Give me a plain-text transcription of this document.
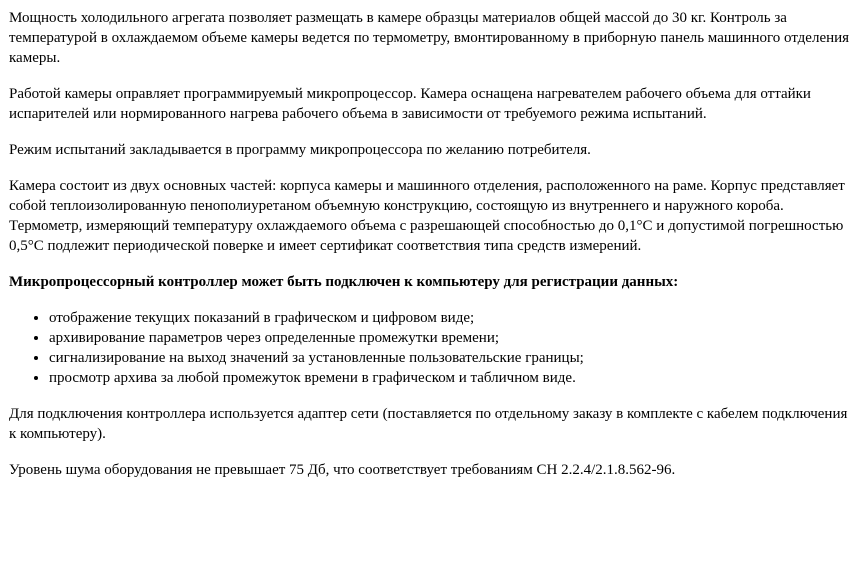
Мощность холодильного агрегата позволяет размещать в камере образцы материалов общей массой до 30 кг. Контроль за температурой в охлаждаемом объеме камеры ведется по термометру, вмонтированному в приборную панель машинного отделения камеры.

Работой камеры оправляет программируемый микропроцессор. Камера оснащена нагревателем рабочего объема для оттайки испарителей или нормированного нагрева рабочего объема в зависимости от требуемого режима испытаний.

Режим испытаний закладывается в программу микропроцессора по желанию потребителя.

Камера состоит из двух основных частей: корпуса камеры и машинного отделения, расположенного на раме. Корпус представляет собой теплоизолированную пенополиуретаном объемную конструкцию, состоящую из внутреннего и наружного короба. Термометр, измеряющий температуру охлаждаемого объема с разрешающей способностью до 0,1°С и допустимой погрешностью 0,5°С подлежит периодической поверке и имеет сертификат соответствия типа средств измерений.

Микропроцессорный контроллер может быть подключен к компьютеру для регистрации данных:

• отображение текущих показаний в графическом и цифровом виде;
• архивирование параметров через определенные промежутки времени;
• сигнализирование на выход значений за установленные пользовательские границы;
• просмотр архива за любой промежуток времени в графическом и табличном виде.

Для подключения контроллера используется адаптер сети (поставляется по отдельному заказу в комплекте с кабелем подключения к компьютеру).

Уровень шума оборудования не превышает 75 Дб, что соответствует требованиям СН 2.2.4/2.1.8.562-96.
